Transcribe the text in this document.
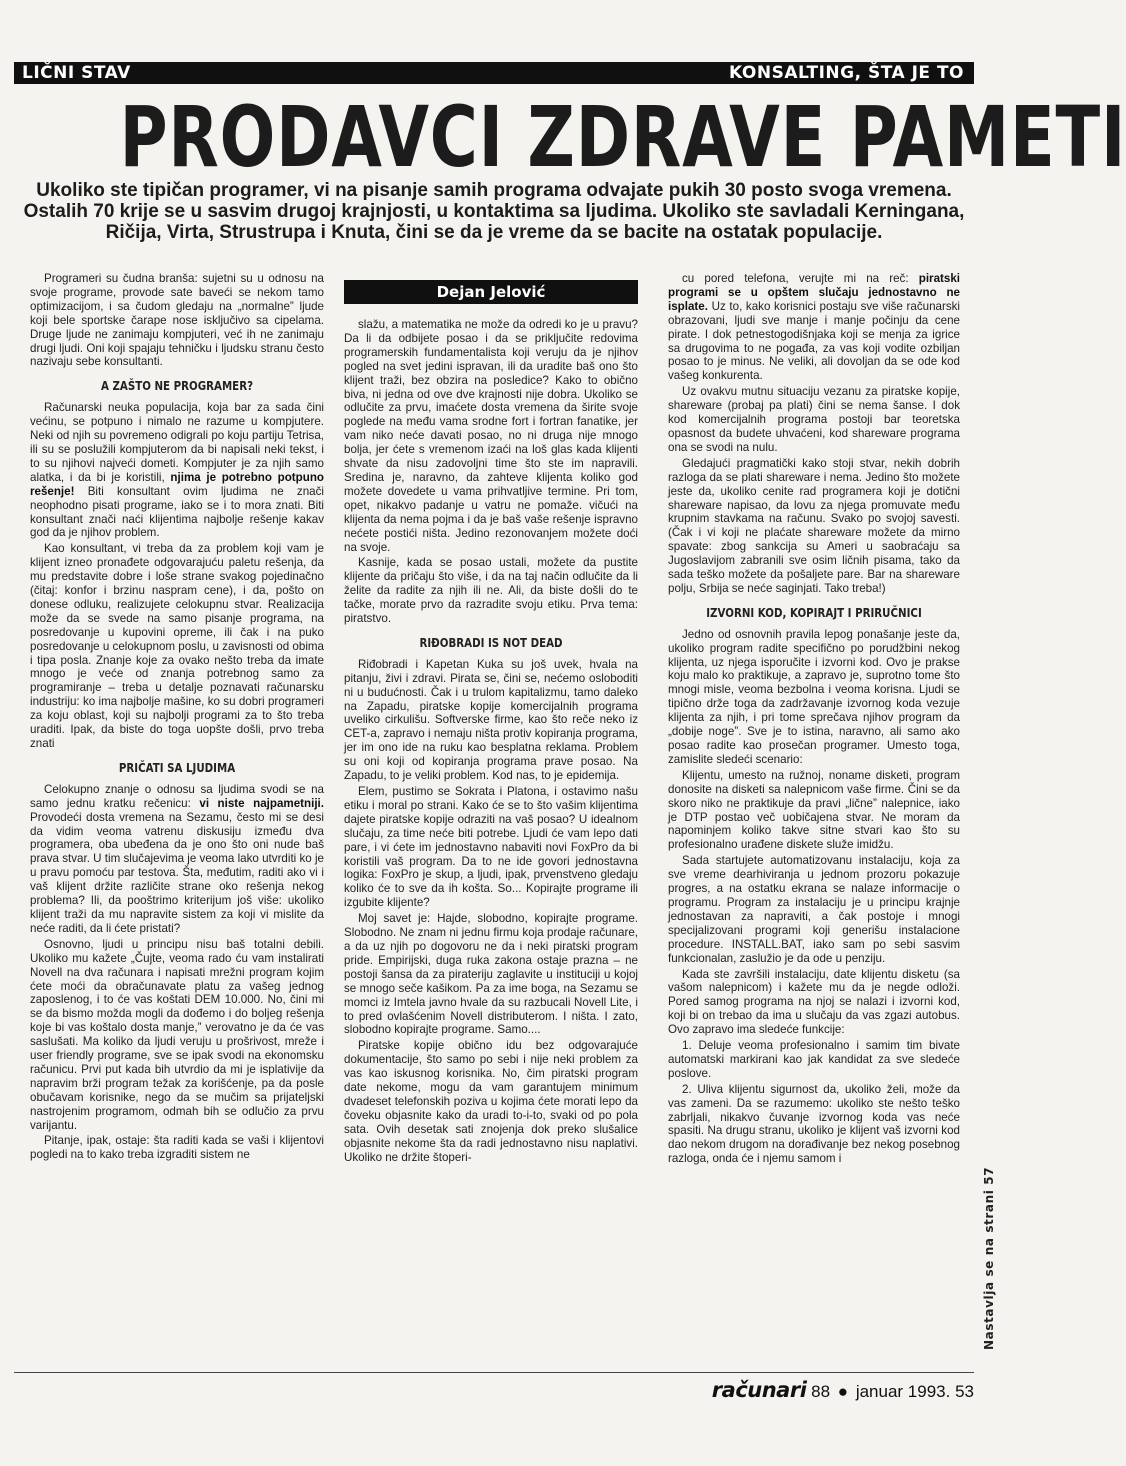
LIČNI STAV	KONSALTING, ŠTA JE TO
PRODAVCI ZDRAVE PAMETI
Ukoliko ste tipičan programer, vi na pisanje samih programa odvajate pukih 30 posto svoga vremena. Ostalih 70 krije se u sasvim drugoj krajnjosti, u kontaktima sa ljudima. Ukoliko ste savladali Kerningana, Ričija, Virta, Strustrupa i Knuta, čini se da je vreme da se bacite na ostatak populacije.

Programeri su čudna branša: sujetni su u odnosu na svoje programe, provode sate baveći se nekom tamo optimizacijom, i sa čudom gledaju na „normalne” ljude koji bele sportske čarape nose isključivo sa cipelama. Druge ljude ne zanimaju kompjuteri, već ih ne zanimaju drugi ljudi. Oni koji spajaju tehničku i ljudsku stranu često nazivaju sebe konsultanti.

A ZAŠTO NE PROGRAMER?

Računarski neuka populacija, koja bar za sada čini većinu, se potpuno i nimalo ne razume u kompjutere. Neki od njih su povremeno odigrali po koju partiju Tetrisa, ili su se poslužili kompjuterom da bi napisali neki tekst, i to su njihovi najveći dometi. Kompjuter je za njih samo alatka, i da bi je koristili, njima je potrebno potpuno rešenje! Biti konsultant ovim ljudima ne znači neophodno pisati programe, iako se i to mora znati. Biti konsultant znači naći klijentima najbolje rešenje kakav god da je njihov problem.

Kao konsultant, vi treba da za problem koji vam je klijent izneo pronađete odgovarajuću paletu rešenja, da mu predstavite dobre i loše strane svakog pojedinačno (čitaj: konfor i brzinu naspram cene), i da, pošto on donese odluku, realizujete celokupnu stvar. Realizacija može da se svede na samo pisanje programa, na posredovanje u kupovini opreme, ili čak i na puko posredovanje u celokupnom poslu, u zavisnosti od obima i tipa posla. Znanje koje za ovako nešto treba da imate mnogo je veće od znanja potrebnog samo za programiranje – treba u detalje poznavati računarsku industriju: ko ima najbolje mašine, ko su dobri programeri za koju oblast, koji su najbolji programi za to što treba uraditi. Ipak, da biste do toga uopšte došli, prvo treba znati

PRIČATI SA LJUDIMA

Celokupno znanje o odnosu sa ljudima svodi se na samo jednu kratku rečenicu: vi niste najpametniji. Provodeći dosta vremena na Sezamu, često mi se desi da vidim veoma vatrenu diskusiju između dva programera, oba ubeđena da je ono što oni nude baš prava stvar. U tim slučajevima je veoma lako utvrditi ko je u pravu pomoću par testova. Šta, međutim, raditi ako vi i vaš klijent držite različite strane oko rešenja nekog problema? Ili, da pooštrimo kriterijum još više: ukoliko klijent traži da mu napravite sistem za koji vi mislite da neće raditi, da li ćete pristati?

Osnovno, ljudi u principu nisu baš totalni debili. Ukoliko mu kažete „Čujte, veoma rado ću vam instalirati Novell na dva računara i napisati mrežni program kojim ćete moći da obračunavate platu za vašeg jednog zaposlenog, i to će vas koštati DEM 10.000. No, čini mi se da bismo možda mogli da dođemo i do boljeg rešenja koje bi vas koštalo dosta manje,” verovatno je da će vas saslušati. Ma koliko da ljudi veruju u prošrivost, mreže i user friendly programe, sve se ipak svodi na ekonomsku računicu. Prvi put kada bih utvrdio da mi je isplativije da napravim brži program težak za korišćenje, pa da posle obučavam korisnike, nego da se mučim sa prijateljski nastrojenim programom, odmah bih se odlučio za prvu varijantu.

Pitanje, ipak, ostaje: šta raditi kada se vaši i klijentovi pogledi na to kako treba izgraditi sistem ne

Dejan Jelović

slažu, a matematika ne može da odredi ko je u pravu? Da li da odbijete posao i da se priključite redovima programerskih fundamentalista koji veruju da je njihov pogled na svet jedini ispravan, ili da uradite baš ono što klijent traži, bez obzira na posledice? Kako to obično biva, ni jedna od ove dve krajnosti nije dobra. Ukoliko se odlučite za prvu, imaćete dosta vremena da širite svoje poglede na među vama srodne fort i fortran fanatike, jer vam niko neće davati posao, no ni druga nije mnogo bolja, jer ćete s vremenom izaći na loš glas kada klijenti shvate da nisu zadovoljni time što ste im napravili. Sredina je, naravno, da zahteve klijenta koliko god možete dovedete u vama prihvatljive termine. Pri tom, opet, nikakvo padanje u vatru ne pomaže. vičući na klijenta da nema pojma i da je baš vaše rešenje ispravno nećete postići ništa. Jedino rezonovanjem možete doći na svoje.

Kasnije, kada se posao ustali, možete da pustite klijente da pričaju što više, i da na taj način odlučite da li želite da radite za njih ili ne. Ali, da biste došli do te tačke, morate prvo da razradite svoju etiku. Prva tema: piratstvo.

RIĐOBRADI IS NOT DEAD

Riđobradi i Kapetan Kuka su još uvek, hvala na pitanju, živi i zdravi. Pirata se, čini se, nećemo osloboditi ni u budućnosti. Čak i u trulom kapitalizmu, tamo daleko na Zapadu, piratske kopije komercijalnih programa uveliko cirkulišu. Softverske firme, kao što reče neko iz CET-a, zapravo i nemaju ništa protiv kopiranja programa, jer im ono ide na ruku kao besplatna reklama. Problem su oni koji od kopiranja programa prave posao. Na Zapadu, to je veliki problem. Kod nas, to je epidemija.

Elem, pustimo se Sokrata i Platona, i ostavimo našu etiku i moral po strani. Kako će se to što vašim klijentima dajete piratske kopije odraziti na vaš posao? U idealnom slučaju, za time neće biti potrebe. Ljudi će vam lepo dati pare, i vi ćete im jednostavno nabaviti novi FoxPro da bi koristili vaš program. Da to ne ide govori jednostavna logika: FoxPro je skup, a ljudi, ipak, prvenstveno gledaju koliko će to sve da ih košta. So... Kopirajte programe ili izgubite klijente?

Moj savet je: Hajde, slobodno, kopirajte programe. Slobodno. Ne znam ni jednu firmu koja prodaje računare, a da uz njih po dogovoru ne da i neki piratski program pride. Empirijski, duga ruka zakona ostaje prazna – ne postoji šansa da za pirateriju zaglavite u instituciji u kojoj se mnogo seče kašikom. Pa za ime boga, na Sezamu se momci iz Imtela javno hvale da su razbucali Novell Lite, i to pred ovlašćenim Novell distributerom. I ništa. I zato, slobodno kopirajte programe. Samo....

Piratske kopije obično idu bez odgovarajuće dokumentacije, što samo po sebi i nije neki problem za vas kao iskusnog korisnika. No, čim piratski program date nekome, mogu da vam garantujem minimum dvadeset telefonskih poziva u kojima ćete morati lepo da čoveku objasnite kako da uradi to-i-to, svaki od po pola sata. Ovih desetak sati znojenja dok preko slušalice objasnite nekome šta da radi jednostavno nisu naplativi. Ukoliko ne držite štoperi-

cu pored telefona, verujte mi na reč: piratski programi se u opštem slučaju jednostavno ne isplate. Uz to, kako korisnici postaju sve više računarski obrazovani, ljudi sve manje i manje počinju da cene pirate. I dok petnestogodišnjaka koji se menja za igrice sa drugovima to ne pogađa, za vas koji vodite ozbiljan posao to je minus. Ne veliki, ali dovoljan da se ode kod vašeg konkurenta.

Uz ovakvu mutnu situaciju vezanu za piratske kopije, shareware (probaj pa plati) čini se nema šanse. I dok kod komercijalnih programa postoji bar teoretska opasnost da budete uhvaćeni, kod shareware programa ona se svodi na nulu.

Gledajući pragmatički kako stoji stvar, nekih dobrih razloga da se plati shareware i nema. Jedino što možete jeste da, ukoliko cenite rad programera koji je dotični shareware napisao, da lovu za njega promuvate među krupnim stavkama na računu. Svako po svojoj savesti. (Čak i vi koji ne plaćate shareware možete da mirno spavate: zbog sankcija su Ameri u saobraćaju sa Jugoslavijom zabranili sve osim ličnih pisama, tako da sada teško možete da pošaljete pare. Bar na shareware polju, Srbija se neće saginjati. Tako treba!)

IZVORNI KOD, KOPIRAJT I PRIRUČNICI

Jedno od osnovnih pravila lepog ponašanje jeste da, ukoliko program radite specifično po porudžbini nekog klijenta, uz njega isporučite i izvorni kod. Ovo je prakse koju malo ko praktikuje, a zapravo je, suprotno tome što mnogi misle, veoma bezbolna i veoma korisna. Ljudi se tipično drže toga da zadržavanje izvornog koda vezuje klijenta za njih, i pri tome sprečava njihov program da „dobije noge”. Sve je to istina, naravno, ali samo ako posao radite kao prosečan programer. Umesto toga, zamislite sledeći scenario:

Klijentu, umesto na ružnoj, noname disketi, program donosite na disketi sa nalepnicom vaše firme. Čini se da skoro niko ne praktikuje da pravi „lične” nalepnice, iako je DTP postao več uobičajena stvar. Ne moram da napominjem koliko takve sitne stvari kao što su profesionalno urađene diskete služe imidžu.

Sada startujete automatizovanu instalaciju, koja za sve vreme dearhiviranja u jednom prozoru pokazuje progres, a na ostatku ekrana se nalaze informacije o programu. Program za instalaciju je u principu krajnje jednostavan za napraviti, a čak postoje i mnogi specijalizovani programi koji generišu instalacione procedure. INSTALL.BAT, iako sam po sebi sasvim funkcionalan, zaslužio je da ode u penziju.

Kada ste završili instalaciju, date klijentu disketu (sa vašom nalepnicom) i kažete mu da je negde odloži. Pored samog programa na njoj se nalazi i izvorni kod, koji bi on trebao da ima u slučaju da vas zgazi autobus. Ovo zapravo ima sledeće funkcije:

1. Deluje veoma profesionalno i samim tim bivate automatski markirani kao jak kandidat za sve sledeće poslove.

2. Uliva klijentu sigurnost da, ukoliko želi, može da vas zameni. Da se razumemo: ukoliko ste nešto teško zabrljali, nikakvo čuvanje izvornog koda vas neće spasiti. Na drugu stranu, ukoliko je klijent vaš izvorni kod dao nekom drugom na dorađivanje bez nekog posebnog razloga, onda će i njemu samom i

Nastavlja se na strani 57
računari 88 ● januar 1993. 53
